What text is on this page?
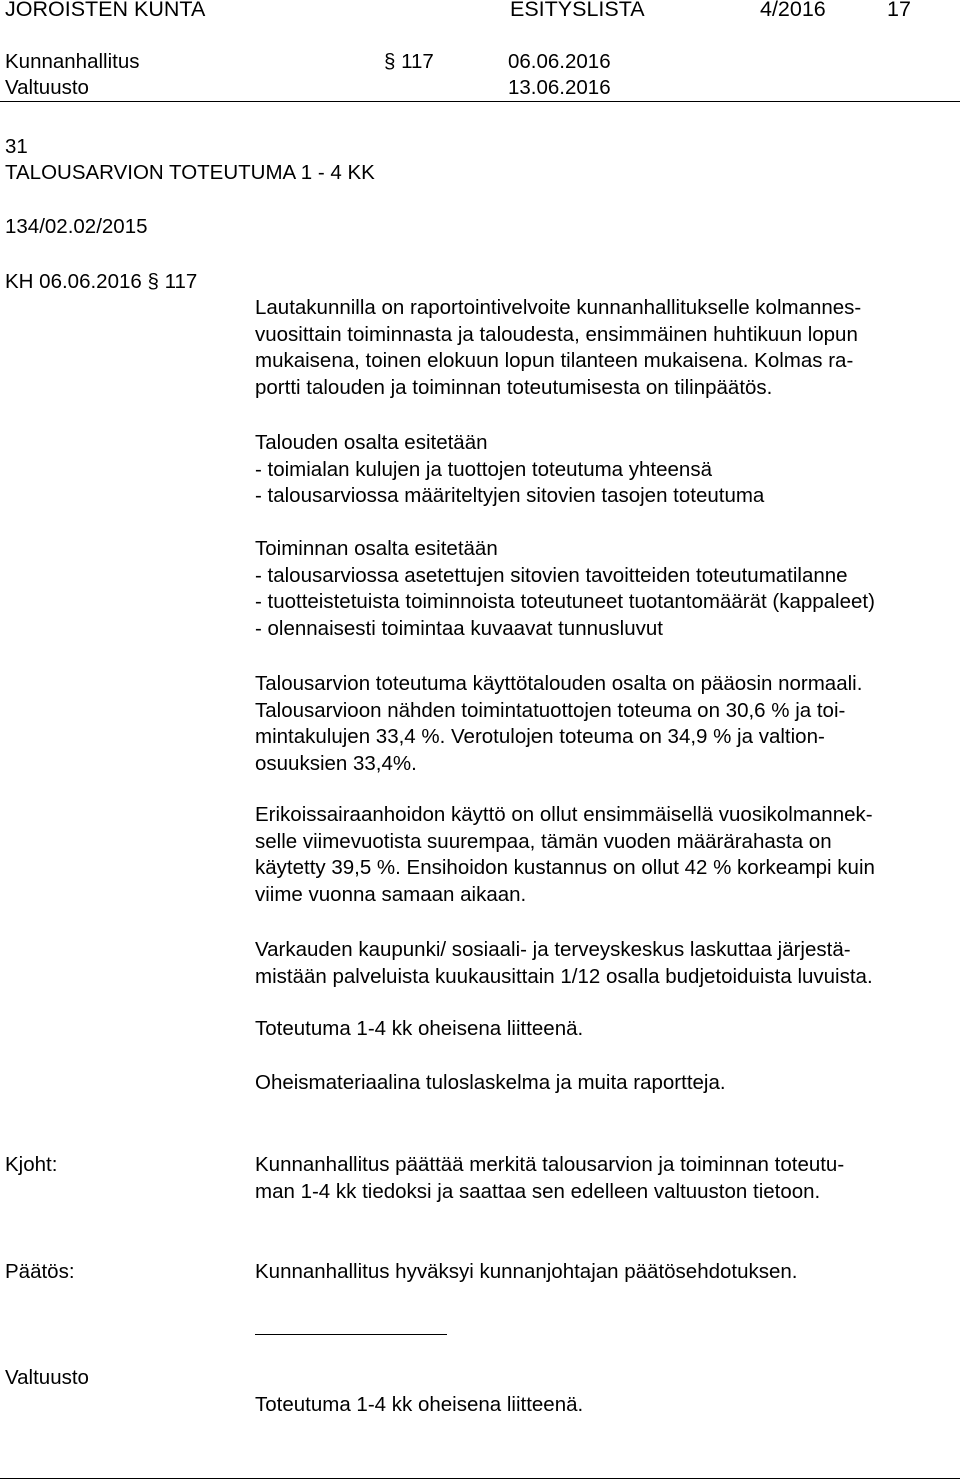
JOROISTEN KUNTA	ESITYSLISTA	4/2016	17
Kunnanhallitus	§ 117	06.06.2016
Valtuusto	13.06.2016
31
TALOUSARVION TOTEUTUMA 1 - 4 KK
134/02.02/2015
KH 06.06.2016 § 117
Lautakunnilla on raportointivelvoite kunnanhallitukselle kolmannes-
vuosittain toiminnasta ja taloudesta, ensimmäinen huhtikuun lopun
mukaisena, toinen elokuun lopun tilanteen mukaisena. Kolmas ra-
portti talouden ja toiminnan toteutumisesta on tilinpäätös.
Talouden osalta esitetään
- toimialan kulujen ja tuottojen toteutuma yhteensä
- talousarviossa määriteltyjen sitovien tasojen toteutuma
Toiminnan osalta esitetään
- talousarviossa asetettujen sitovien tavoitteiden toteutumatilanne
- tuotteistetuista toiminnoista toteutuneet tuotantomäärät (kappaleet)
- olennaisesti toimintaa kuvaavat tunnusluvut
Talousarvion toteutuma käyttötalouden osalta on pääosin normaali.
Talousarvioon nähden toimintatuottojen toteuma on 30,6 % ja toi-
mintakulujen 33,4 %. Verotulojen toteuma on 34,9 % ja valtion-
osuuksien 33,4%.
Erikoissairaanhoidon käyttö on ollut ensimmäisellä vuosikolmannek-
selle viimevuotista suurempaa, tämän vuoden määrärahasta on
käytetty 39,5 %. Ensihoidon kustannus on ollut 42 % korkeampi kuin
viime vuonna samaan aikaan.
Varkauden kaupunki/ sosiaali- ja terveyskeskus laskuttaa järjestä-
mistään palveluista kuukausittain 1/12 osalla budjetoiduista luvuista.
Toteutuma 1-4 kk oheisena liitteenä.
Oheismateriaalina tuloslaskelma ja muita raportteja.
Kjoht:	Kunnanhallitus päättää merkitä talousarvion ja toiminnan toteutu-
man 1-4 kk tiedoksi ja saattaa sen edelleen valtuuston tietoon.
Päätös:	Kunnanhallitus hyväksyi kunnanjohtajan päätösehdotuksen.
Valtuusto
Toteutuma 1-4 kk oheisena liitteenä.
